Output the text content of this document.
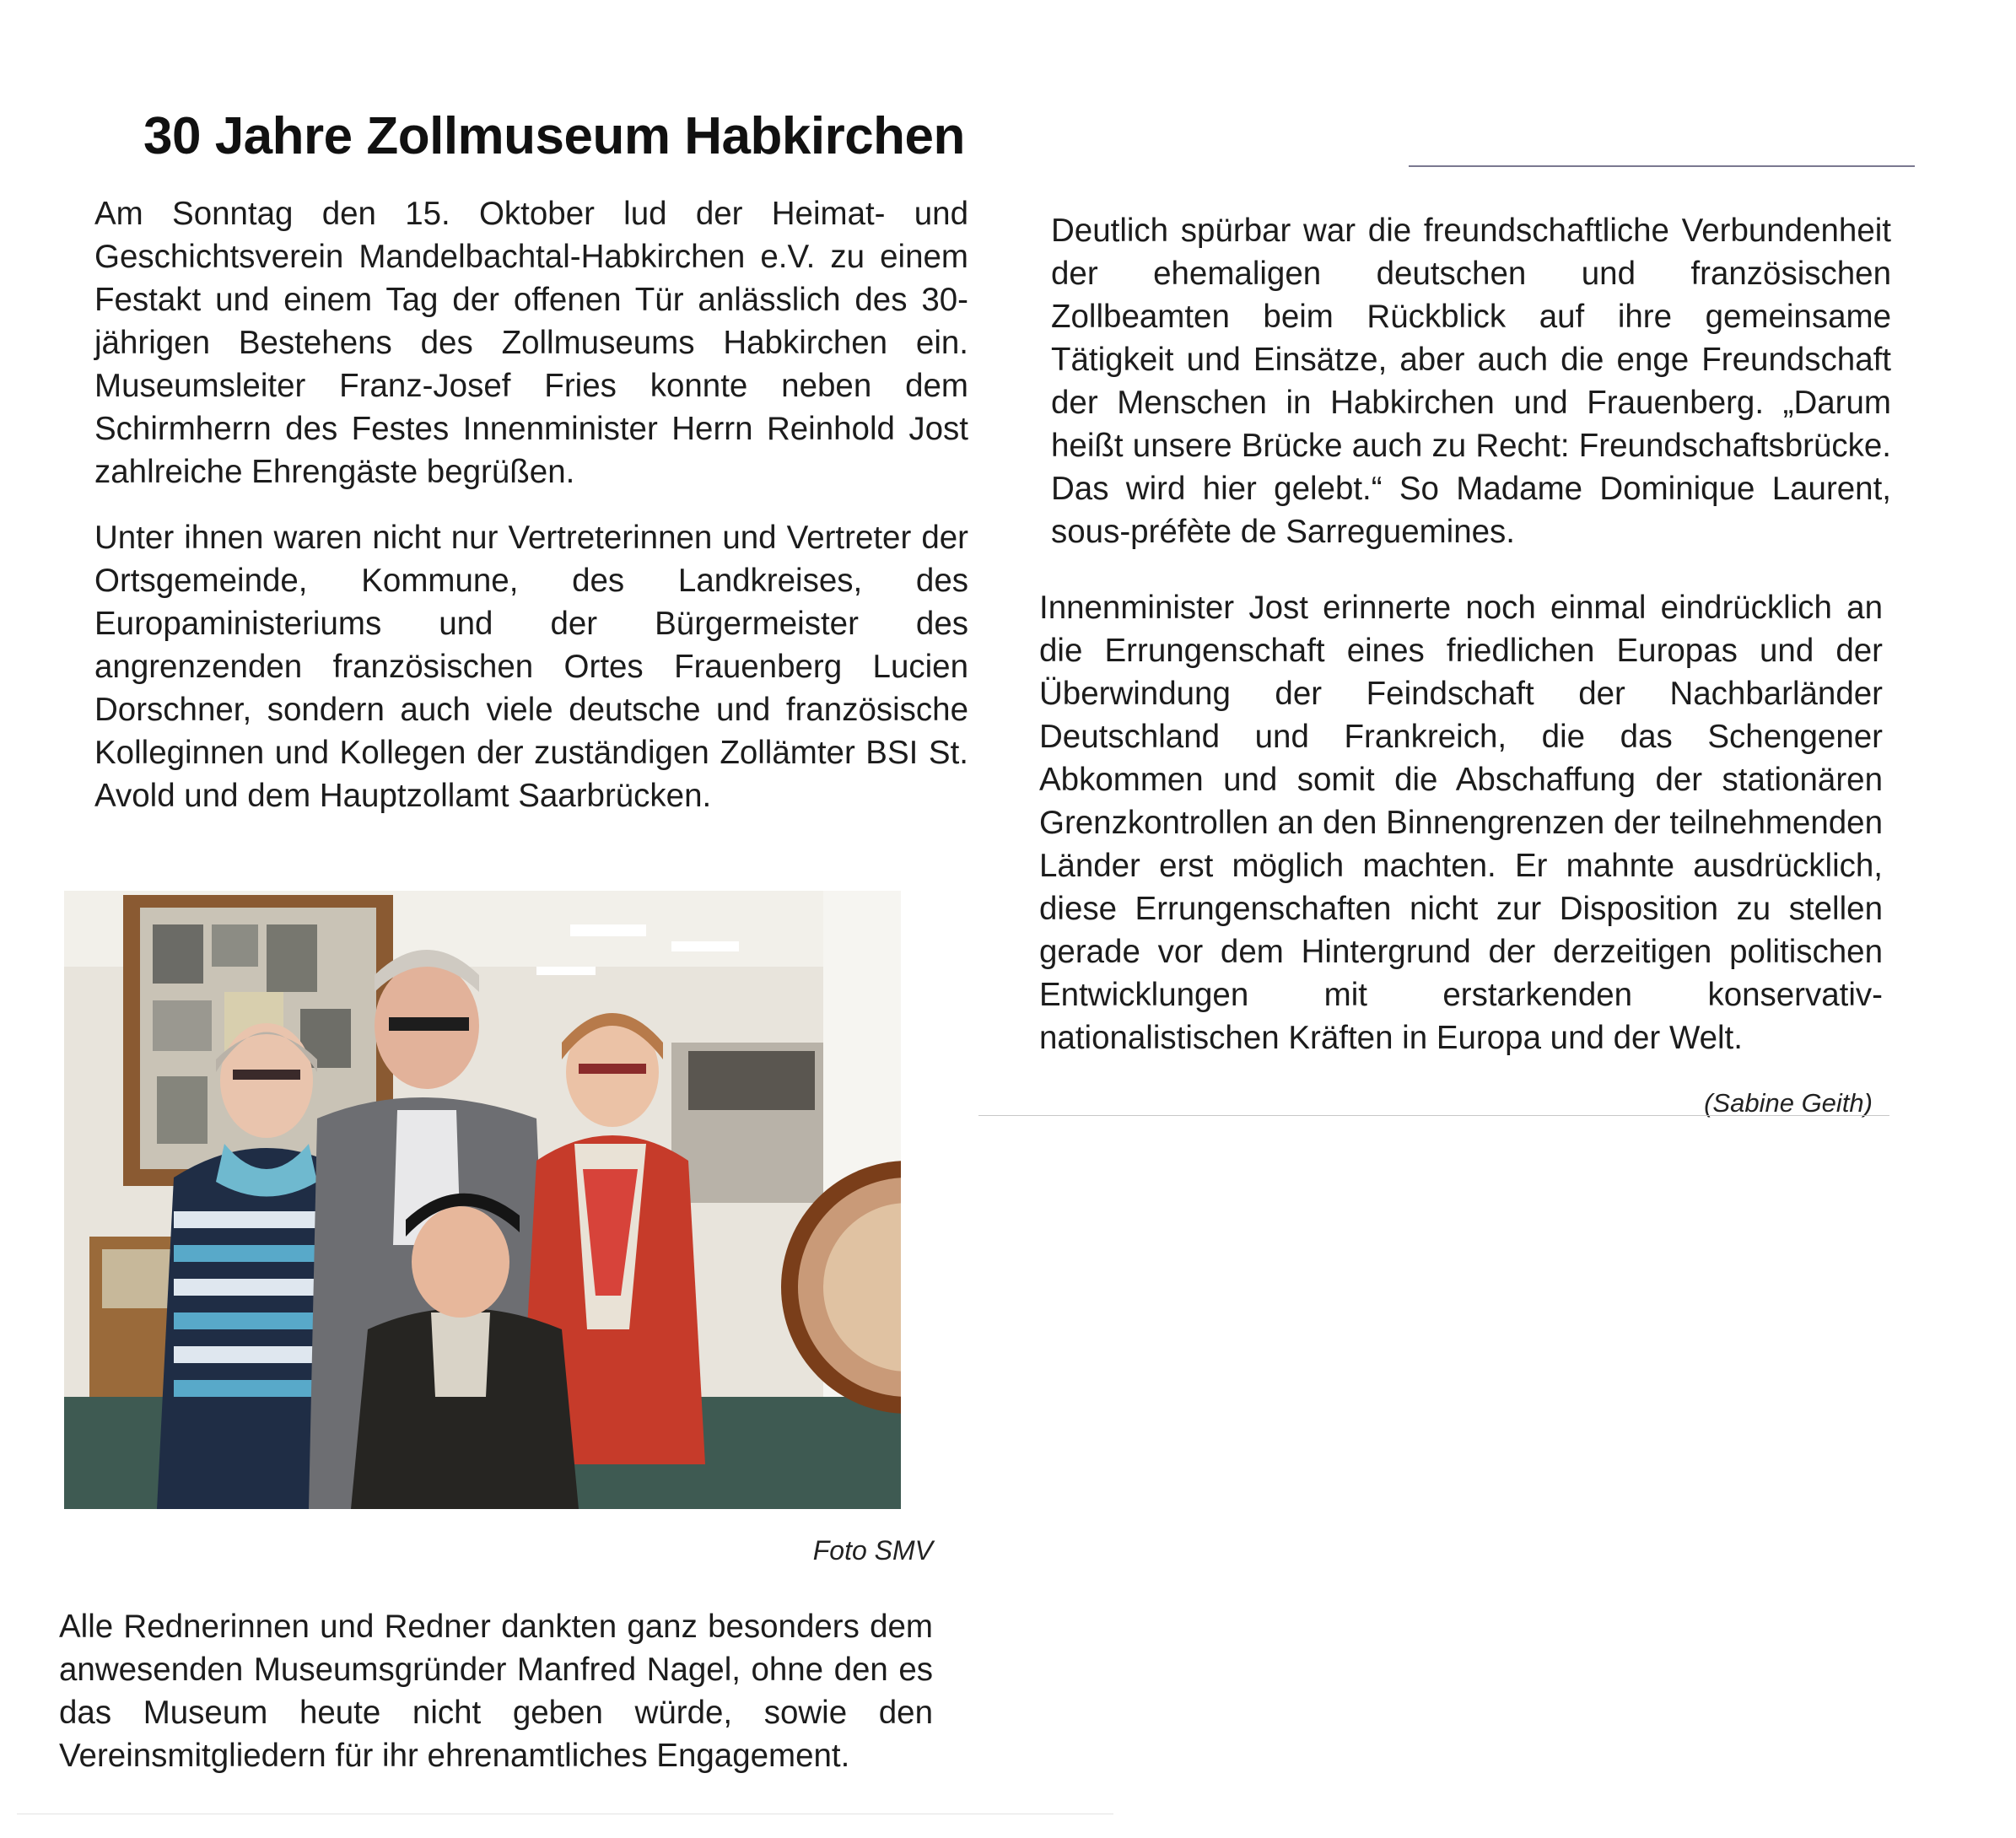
30 Jahre Zollmuseum Habkirchen

Am Sonntag den 15. Oktober lud der Heimat- und Geschichtsverein Mandelbachtal-Habkirchen e.V. zu einem Festakt und einem Tag der offenen Tür anlässlich des 30-jährigen Bestehens des Zollmuseums Habkirchen ein. Museumsleiter Franz-Josef Fries konnte neben dem Schirmherrn des Festes Innenminister Herrn Reinhold Jost zahlreiche Ehrengäste begrüßen.

Unter ihnen waren nicht nur Vertreterinnen und Vertreter der Ortsgemeinde, Kommune, des Landkreises, des Europaministeriums und der Bürgermeister des angrenzenden französischen Ortes Frauenberg Lucien Dorschner, sondern auch viele deutsche und französische Kolleginnen und Kollegen der zuständigen Zollämter BSI St. Avold und dem Hauptzollamt Saarbrücken.

Foto SMV

Alle Rednerinnen und Redner dankten ganz besonders dem anwesenden Museumsgründer Manfred Nagel, ohne den es das Museum heute nicht geben würde, sowie den Vereinsmitgliedern für ihr ehrenamtliches Engagement.

Deutlich spürbar war die freundschaftliche Verbundenheit der ehemaligen deutschen und französischen Zollbeamten beim Rückblick auf ihre gemeinsame Tätigkeit und Einsätze, aber auch die enge Freundschaft der Menschen in Habkirchen und Frauenberg. „Darum heißt unsere Brücke auch zu Recht: Freundschaftsbrücke. Das wird hier gelebt.“ So Madame Dominique Laurent, sous-préfète de Sarreguemines.

Innenminister Jost erinnerte noch einmal eindrücklich an die Errungenschaft eines friedlichen Europas und der Überwindung der Feindschaft der Nachbarländer Deutschland und Frankreich, die das Schengener Abkommen und somit die Abschaffung der stationären Grenzkontrollen an den Binnengrenzen der teilnehmenden Länder erst möglich machten. Er mahnte ausdrücklich, diese Errungenschaften nicht zur Disposition zu stellen gerade vor dem Hintergrund der derzeitigen politischen Entwicklungen mit erstarkenden konservativ-nationalistischen Kräften in Europa und der Welt.

(Sabine Geith)
